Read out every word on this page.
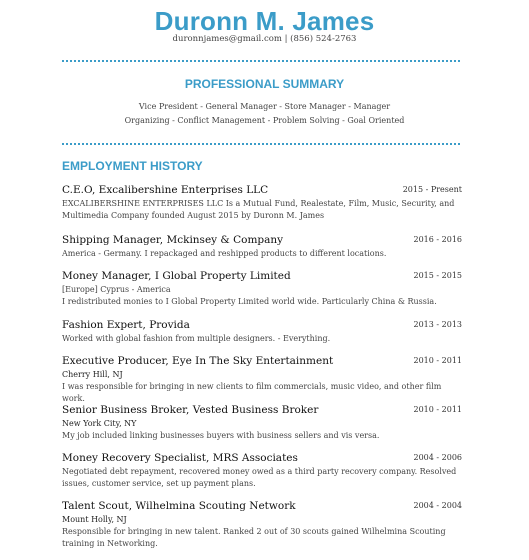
Duronn M. James
duronnjames@gmail.com | (856) 524-2763
PROFESSIONAL SUMMARY
Vice President - General Manager - Store Manager - Manager
Organizing - Conflict Management - Problem Solving - Goal Oriented
EMPLOYMENT HISTORY
C.E.O, Excalibershine Enterprises LLC	2015 - Present
EXCALIBERSHINE ENTERPRISES LLC Is a Mutual Fund, Realestate, Film, Music, Security, and Multimedia Company founded August 2015 by Duronn M. James
Shipping Manager, Mckinsey & Company	2016 - 2016
America - Germany. I repackaged and reshipped products to different locations.
Money Manager, I Global Property Limited	2015 - 2015
[Europe] Cyprus - America
I redistributed monies to I Global Property Limited world wide. Particularly China & Russia.
Fashion Expert, Provida	2013 - 2013
Worked with global fashion from multiple designers. - Everything.
Executive Producer, Eye In The Sky Entertainment	2010 - 2011
Cherry Hill, NJ
I was responsible for bringing in new clients to film commercials, music video, and other film work.
Senior Business Broker, Vested Business Broker	2010 - 2011
New York City, NY
My job included linking businesses buyers with business sellers and vis versa.
Money Recovery Specialist, MRS Associates	2004 - 2006
Negotiated debt repayment, recovered money owed as a third party recovery company. Resolved issues, customer service, set up payment plans.
Talent Scout, Wilhelmina Scouting Network	2004 - 2004
Mount Holly, NJ
Responsible for bringing in new talent. Ranked 2 out of 30 scouts gained Wilhelmina Scouting training in Networking.
